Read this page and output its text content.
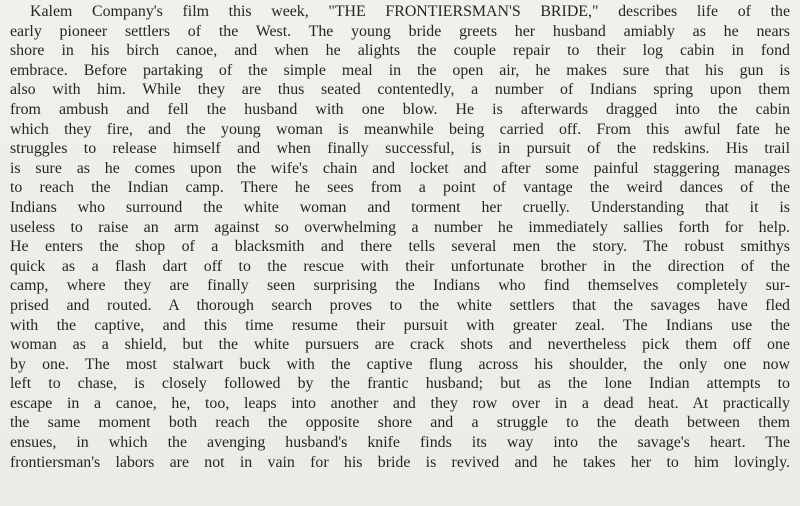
Kalem Company's film this week, "THE FRONTIERSMAN'S BRIDE," describes life of the
early pioneer settlers of the West. The young bride greets her husband amiably as he nears
shore in his birch canoe, and when he alights the couple repair to their log cabin in fond
embrace. Before partaking of the simple meal in the open air, he makes sure that his gun is
also with him. While they are thus seated contentedly, a number of Indians spring upon them
from ambush and fell the husband with one blow. He is afterwards dragged into the cabin
which they fire, and the young woman is meanwhile being carried off. From this awful fate he
struggles to release himself and when finally successful, is in pursuit of the redskins. His trail
is sure as he comes upon the wife's chain and locket and after some painful staggering manages
to reach the Indian camp. There he sees from a point of vantage the weird dances of the
Indians who surround the white woman and torment her cruelly. Understanding that it is
useless to raise an arm against so overwhelming a number he immediately sallies forth for help.
He enters the shop of a blacksmith and there tells several men the story. The robust smithys
quick as a flash dart off to the rescue with their unfortunate brother in the direction of the
camp, where they are finally seen surprising the Indians who find themselves completely sur-
prised and routed. A thorough search proves to the white settlers that the savages have fled
with the captive, and this time resume their pursuit with greater zeal. The Indians use the
woman as a shield, but the white pursuers are crack shots and nevertheless pick them off one
by one. The most stalwart buck with the captive flung across his shoulder, the only one now
left to chase, is closely followed by the frantic husband; but as the lone Indian attempts to
escape in a canoe, he, too, leaps into another and they row over in a dead heat. At practically
the same moment both reach the opposite shore and a struggle to the death between them
ensues, in which the avenging husband's knife finds its way into the savage's heart. The
frontiersman's labors are not in vain for his bride is revived and he takes her to him lovingly.
